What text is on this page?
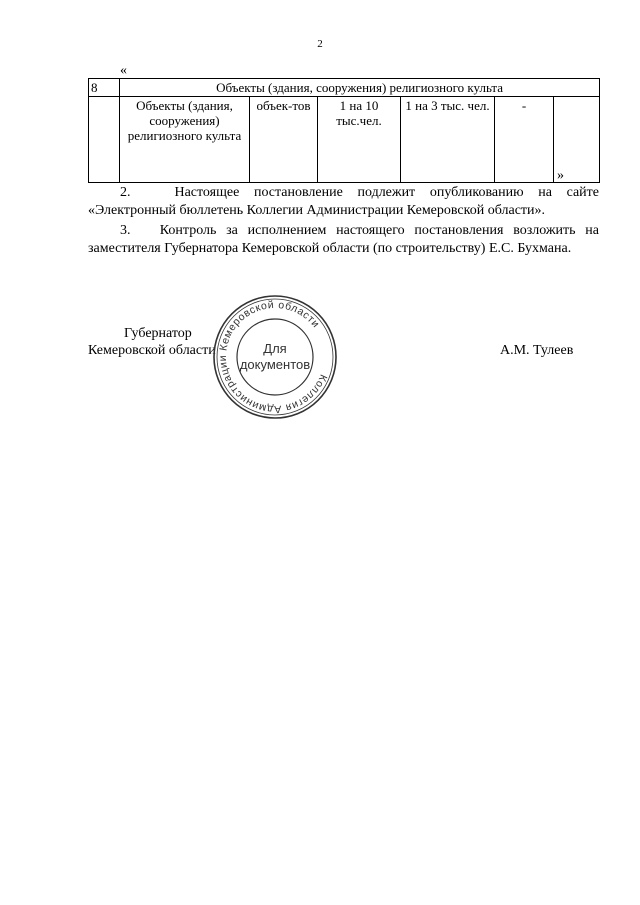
2
«
8	Объекты (здания, сооружения) религиозного культа					
	Объекты (здания, сооружения) религиозного культа	объек-тов	1 на 10 тыс.чел.	1 на 3 тыс. чел.	-	
»
2.	Настоящее постановление подлежит опубликованию на сайте «Электронный бюллетень Коллегии Администрации Кемеровской области».
3. Контроль за исполнением настоящего постановления возложить на заместителя Губернатора Кемеровской области (по строительству) Е.С. Бухмана.
Губернатор
Кемеровской области	А.М. Тулеев
Коллегия Администрации Кемеровской области
Для
документов
